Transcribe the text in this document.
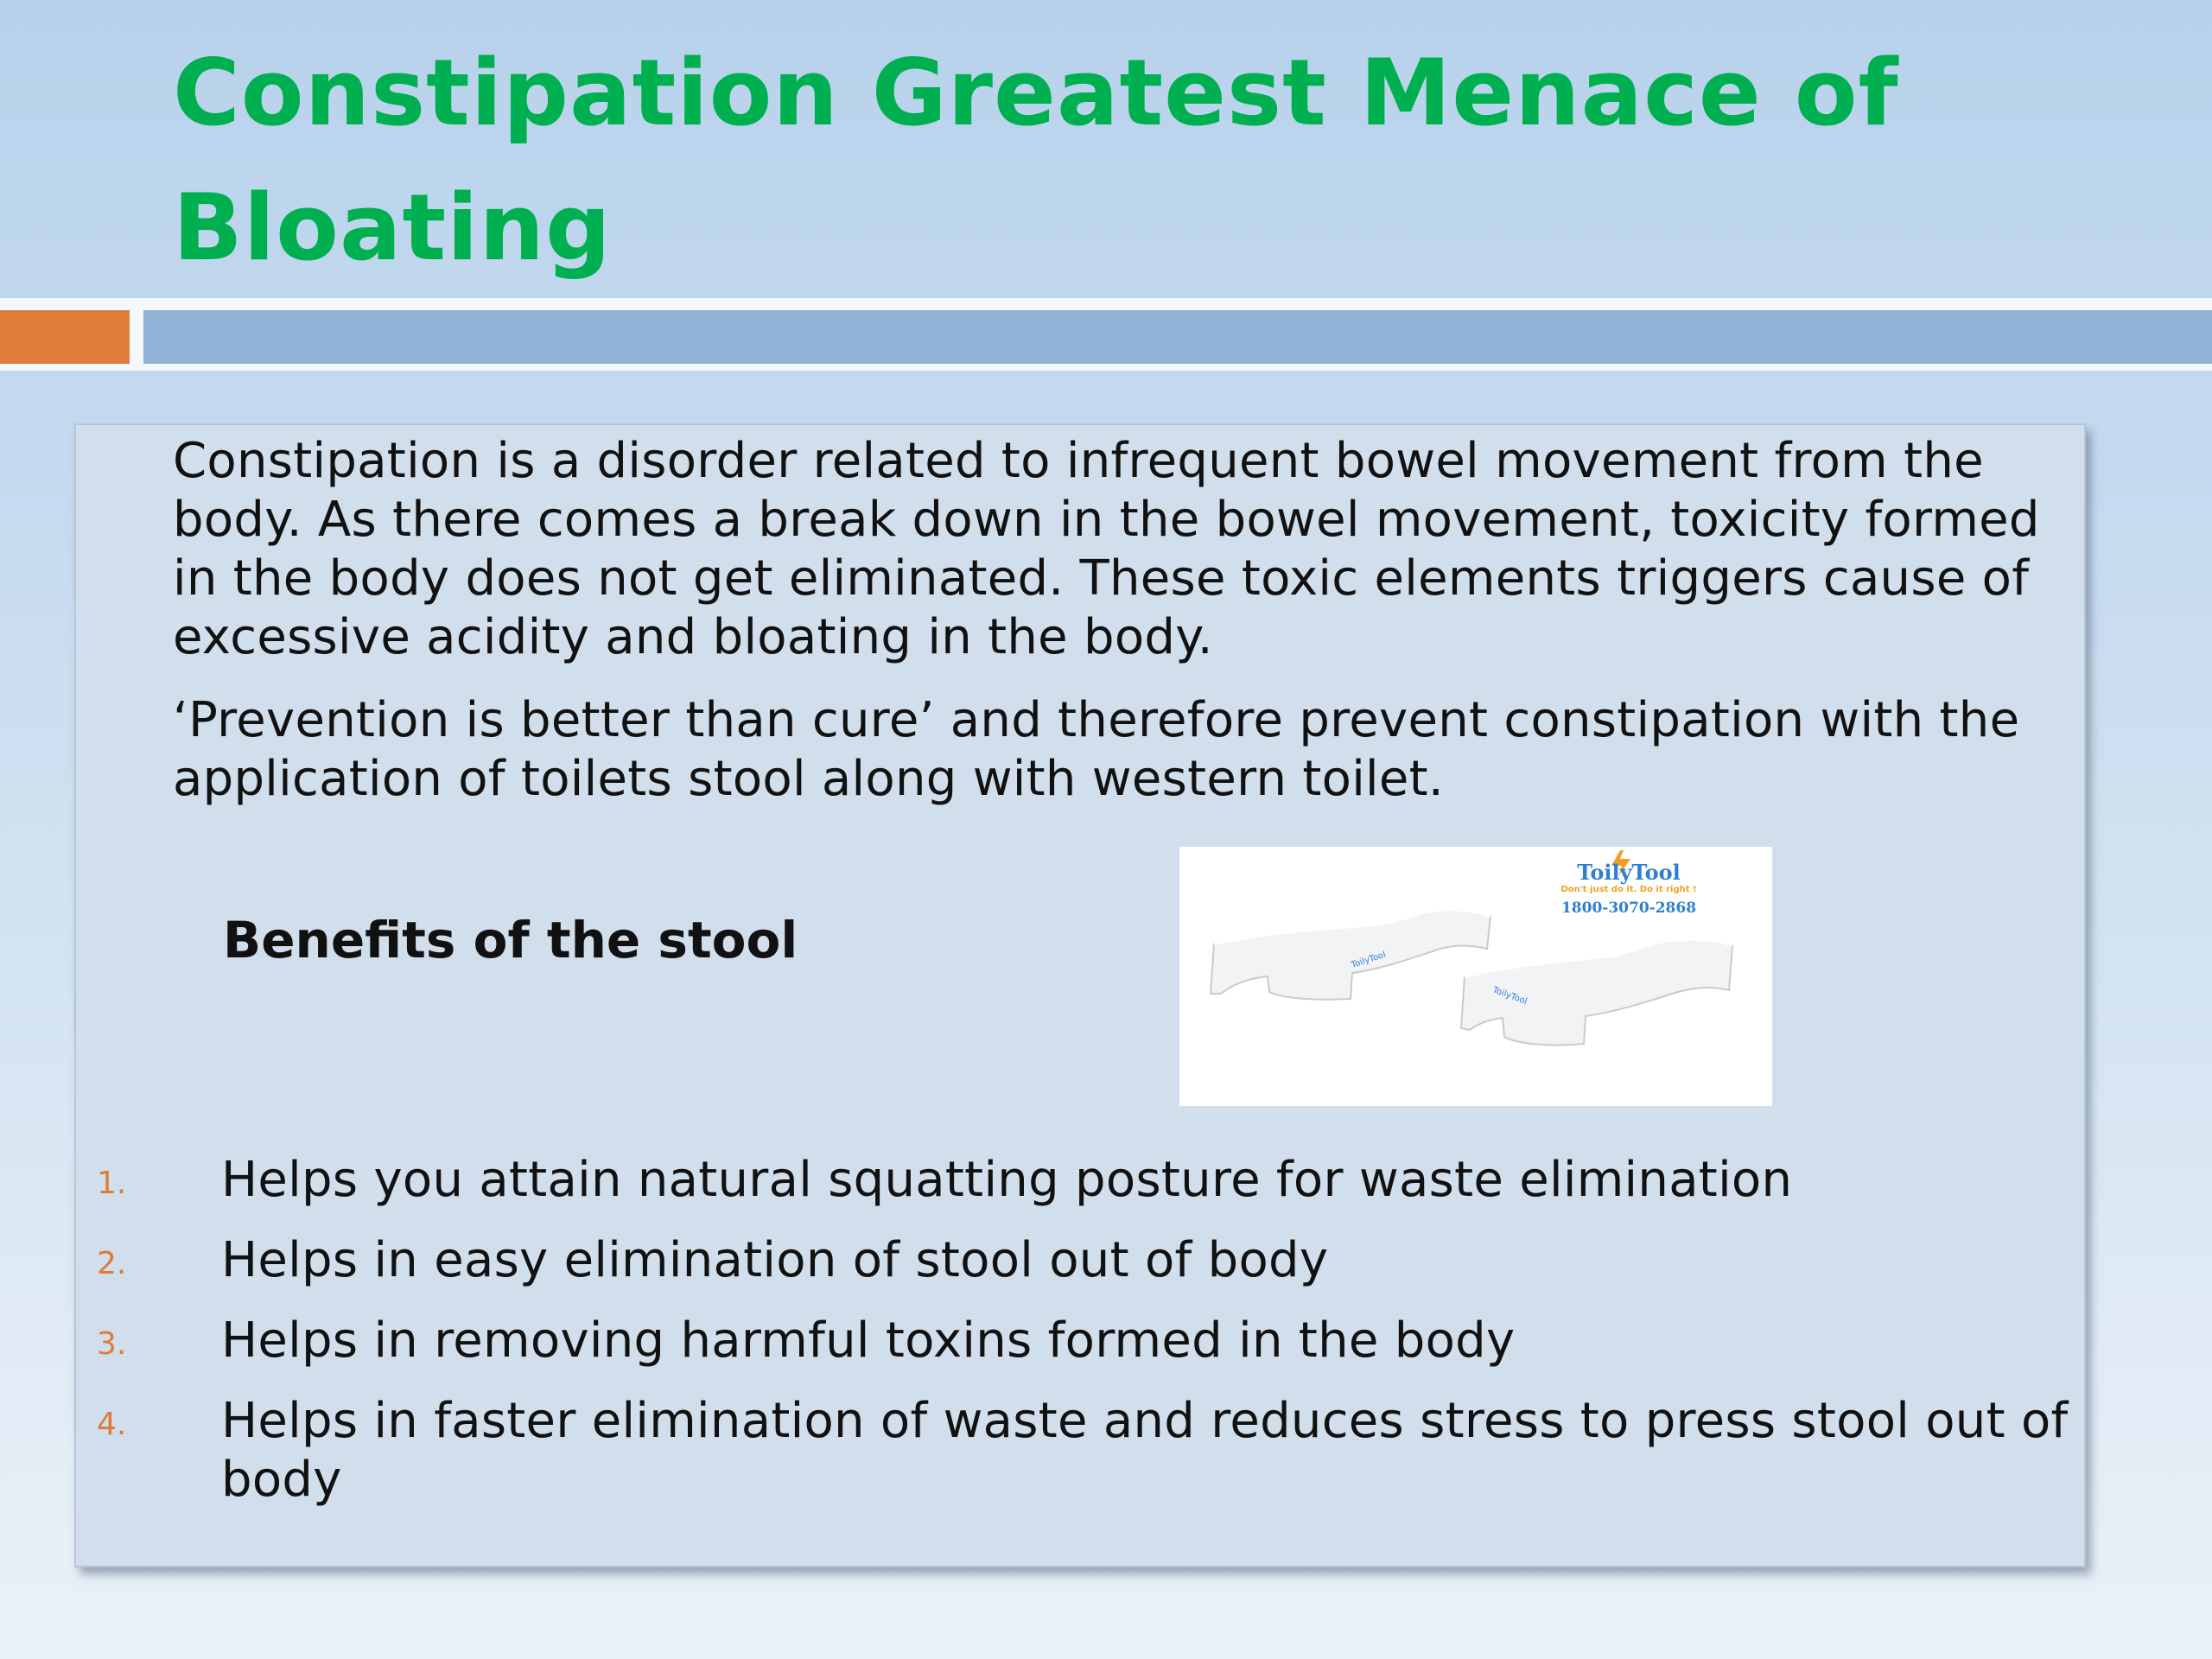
Constipation Greatest Menace of Bloating

Constipation is a disorder related to infrequent bowel movement from the body. As there comes a break down in the bowel movement, toxicity formed in the body does not get eliminated. These toxic elements triggers cause of excessive acidity and bloating in the body.

‘Prevention is better than cure’ and therefore prevent constipation with the application of toilets stool along with western toilet.

Benefits of the stool
ToilyTool
Don't just do it. Do it right !
1800-3070-2868
ToilyTool
ToilyTool
1. Helps you attain natural squatting posture for waste elimination
2. Helps in easy elimination of stool out of body
3. Helps in removing harmful toxins formed in the body
4. Helps in faster elimination of waste and reduces stress to press stool out of body
